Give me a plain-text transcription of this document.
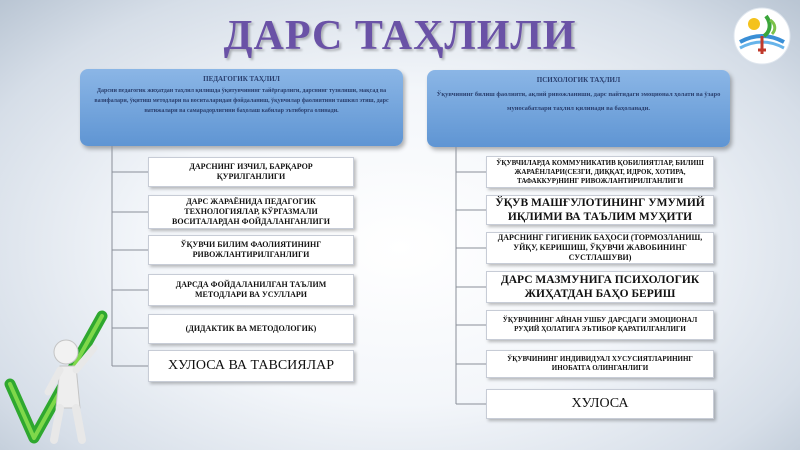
ДАРС ТАҲЛИЛИ
ПЕДАГОГИК ТАҲЛИЛ
Дарсни педагогик жиҳатдан таҳлил қилишда ўқитувчининг тайёргарлиги, дарснинг тузилиши, мақсад ва вазифалари, ўқитиш методлари ва воситаларидан фойдаланиш, ўқувчилар фаолиятини ташкил этиш, дарс натижалари ва самарадорлигини баҳолаш кабилар эътиборга олинади.
ПСИХОЛОГИК ТАҲЛИЛ
Ўқувчининг билиш фаолияти, ақлий ривожланиши, дарс пайтидаги эмоционал ҳолати ва ўзаро муносабатлари таҳлил қилинади ва баҳоланади.
ДАРСНИНГ ИЗЧИЛ, БАРҚАРОР ҚУРИЛГАНЛИГИ
ДАРС ЖАРАЁНИДА ПЕДАГОГИК ТЕХНОЛОГИЯЛАР, КЎРГАЗМАЛИ ВОСИТАЛАРДАН ФОЙДАЛАНГАНЛИГИ
ЎҚУВЧИ БИЛИМ ФАОЛИЯТИНИНГ РИВОЖЛАНТИРИЛГАНЛИГИ
ДАРСДА ФОЙДАЛАНИЛГАН ТАЪЛИМ МЕТОДЛАРИ ВА УСУЛЛАРИ
(ДИДАКТИК ВА МЕТОДОЛОГИК)
ХУЛОСА ВА ТАВСИЯЛАР
ЎҚУВЧИЛАРДА КОММУНИКАТИВ ҚОБИЛИЯТЛАР, БИЛИШ ЖАРАЁНЛАРИ(СЕЗГИ, ДИҚҚАТ, ИДРОК, ХОТИРА, ТАФАККУР)НИНГ РИВОЖЛАНТИРИЛГАНЛИГИ
ЎҚУВ МАШҒУЛОТИНИНГ УМУМИЙ ИҚЛИМИ ВА ТАЪЛИМ МУҲИТИ
ДАРСНИНГ ГИГИЕНИК БАҲОСИ (ТОРМОЗЛАНИШ, УЙҚУ, КЕРИШИШ, ЎҚУВЧИ ЖАВОБИНИНГ СУСТЛАШУВИ)
ДАРС МАЗМУНИГА ПСИХОЛОГИК ЖИҲАТДАН БАҲО БЕРИШ
ЎҚУВЧИНИНГ АЙНАН УШБУ ДАРСДАГИ ЭМОЦИОНАЛ РУҲИЙ ҲОЛАТИГА ЭЪТИБОР ҚАРАТИЛГАНЛИГИ
ЎҚУВЧИНИНГ ИНДИВИДУАЛ ХУСУСИЯТЛАРИНИНГ ИНОБАТГА ОЛИНГАНЛИГИ
ХУЛОСА
